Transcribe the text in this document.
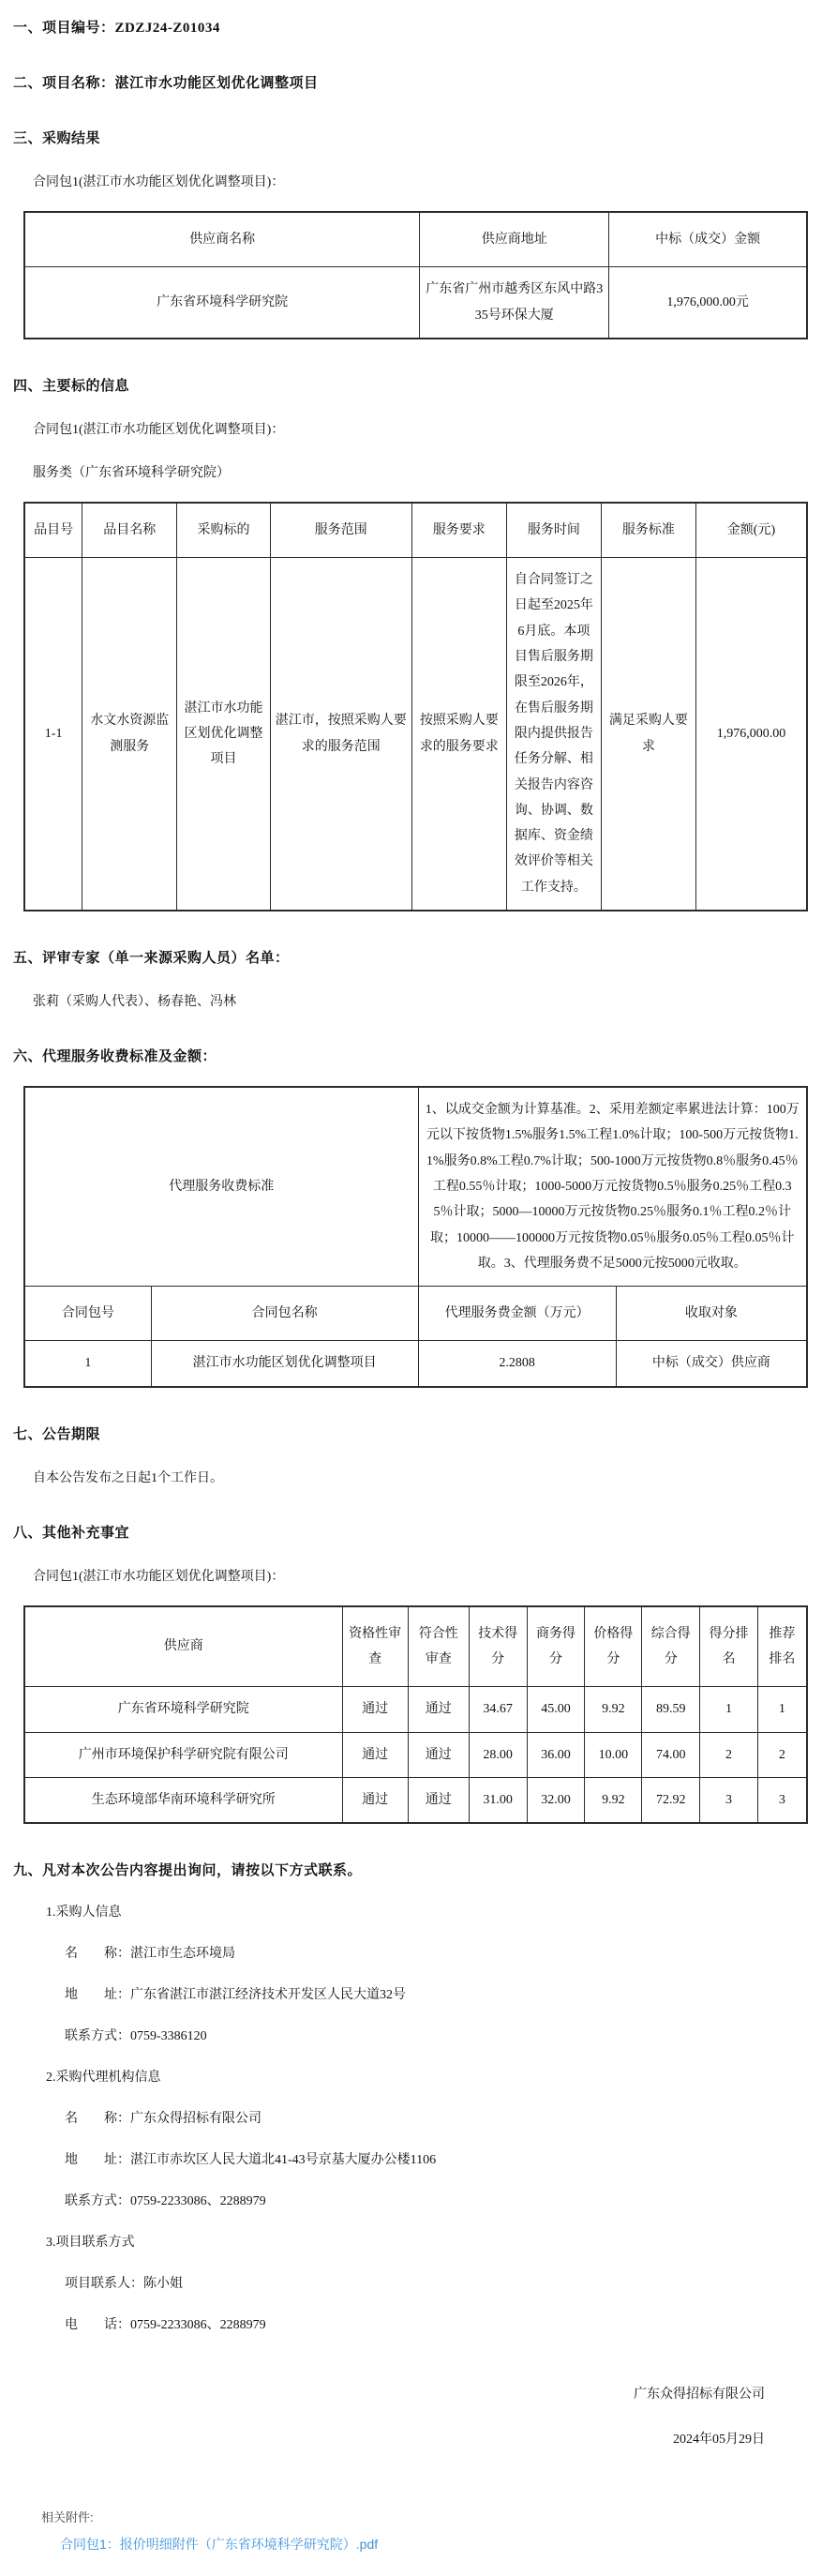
一、项目编号：ZDZJ24-Z01034
二、项目名称：湛江市水功能区划优化调整项目
三、采购结果
合同包1(湛江市水功能区划优化调整项目)：
供应商名称	供应商地址	中标（成交）金额
广东省环境科学研究院	广东省广州市越秀区东风中路335号环保大厦	1,976,000.00元
四、主要标的信息
合同包1(湛江市水功能区划优化调整项目)：
服务类（广东省环境科学研究院）
品目号	品目名称	采购标的	服务范围	服务要求	服务时间	服务标准	金额(元)
1-1	水文水资源监测服务	湛江市水功能区划优化调整项目	湛江市，按照采购人要求的服务范围	按照采购人要求的服务要求	自合同签订之日起至2025年6月底。本项目售后服务期限至2026年，在售后服务期限内提供报告任务分解、相关报告内容咨询、协调、数据库、资金绩效评价等相关工作支持。	满足采购人要求	1,976,000.00
五、评审专家（单一来源采购人员）名单：
张莉（采购人代表）、杨春艳、冯林
六、代理服务收费标准及金额：
代理服务收费标准		1、以成交金额为计算基准。2、采用差额定率累进法计算：100万元以下按货物1.5%服务1.5%工程1.0%计取；100-500万元按货物1.1%服务0.8%工程0.7%计取；500-1000万元按货物0.8％服务0.45％工程0.55％计取；1000-5000万元按货物0.5％服务0.25％工程0.35％计取；5000—10000万元按货物0.25％服务0.1％工程0.2％计取；10000——100000万元按货物0.05％服务0.05％工程0.05％计取。3、代理服务费不足5000元按5000元收取。	
合同包号	合同包名称	代理服务费金额（万元）	收取对象
1	湛江市水功能区划优化调整项目	2.2808	中标（成交）供应商
七、公告期限
自本公告发布之日起1个工作日。
八、其他补充事宜
合同包1(湛江市水功能区划优化调整项目)：
供应商	资格性审查	符合性审查	技术得分	商务得分	价格得分	综合得分	得分排名	推荐排名
广东省环境科学研究院	通过	通过	34.67	45.00	9.92	89.59	1	1
广州市环境保护科学研究院有限公司	通过	通过	28.00	36.00	10.00	74.00	2	2
生态环境部华南环境科学研究所	通过	通过	31.00	32.00	9.92	72.92	3	3
九、凡对本次公告内容提出询问，请按以下方式联系。
1.采购人信息
名　　称：湛江市生态环境局
地　　址：广东省湛江市湛江经济技术开发区人民大道32号
联系方式：0759-3386120
2.采购代理机构信息
名　　称：广东众得招标有限公司
地　　址：湛江市赤坎区人民大道北41-43号京基大厦办公楼1106
联系方式：0759-2233086、2288979
3.项目联系方式
项目联系人：陈小姐
电　　话：0759-2233086、2288979
广东众得招标有限公司
2024年05月29日
相关附件:
合同包1：报价明细附件（广东省环境科学研究院）.pdf
